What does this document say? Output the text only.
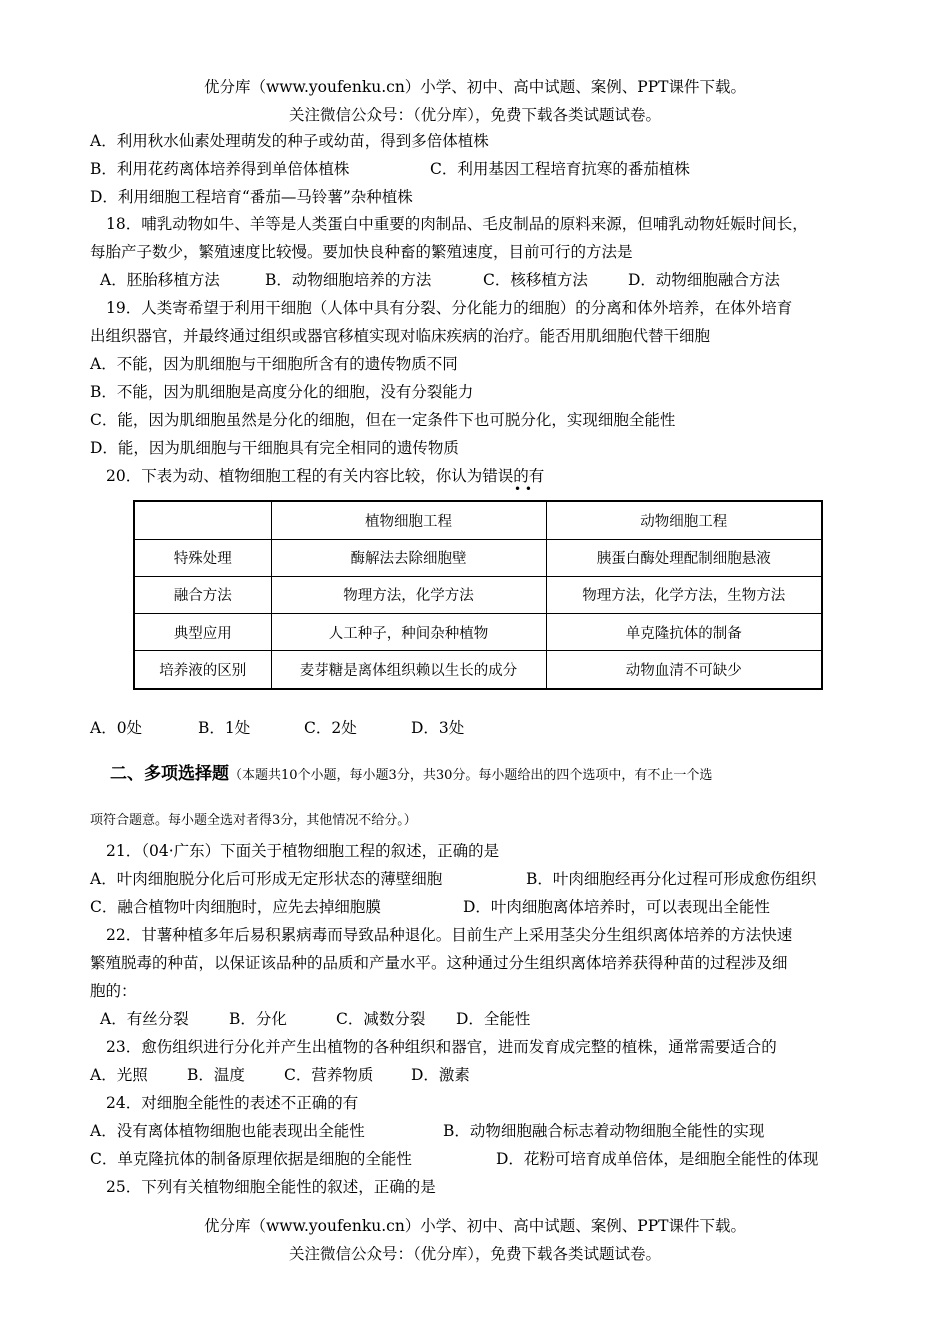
优分库（www.youfenku.cn）小学、初中、高中试题、案例、PPT课件下载。
关注微信公众号：（优分库），免费下载各类试题试卷。
A．利用秋水仙素处理萌发的种子或幼苗，得到多倍体植株
B．利用花药离体培养得到单倍体植株	C．利用基因工程培育抗寒的番茄植株
D．利用细胞工程培育“番茄—马铃薯”杂种植株
18．哺乳动物如牛、羊等是人类蛋白中重要的肉制品、毛皮制品的原料来源，但哺乳动物妊娠时间长，
每胎产子数少，繁殖速度比较慢。要加快良种畜的繁殖速度，目前可行的方法是
A．胚胎移植方法	B．动物细胞培养的方法	C．核移植方法	D．动物细胞融合方法
19．人类寄希望于利用干细胞（人体中具有分裂、分化能力的细胞）的分离和体外培养，在体外培育
出组织器官，并最终通过组织或器官移植实现对临床疾病的治疗。能否用肌细胞代替干细胞
A．不能，因为肌细胞与干细胞所含有的遗传物质不同
B．不能，因为肌细胞是高度分化的细胞，没有分裂能力
C．能，因为肌细胞虽然是分化的细胞，但在一定条件下也可脱分化，实现细胞全能性
D．能，因为肌细胞与干细胞具有完全相同的遗传物质
20．下表为动、植物细胞工程的有关内容比较，你认为错误的有
• •
	植物细胞工程	动物细胞工程
特殊处理	酶解法去除细胞壁	胰蛋白酶处理配制细胞悬液
融合方法	物理方法，化学方法	物理方法，化学方法，生物方法
典型应用	人工种子，种间杂种植物	单克隆抗体的制备
培养液的区别	麦芽糖是离体组织赖以生长的成分	动物血清不可缺少
A．0处	B．1处	C．2处	D．3处
二、多项选择题（本题共10个小题，每小题3分，共30分。每小题给出的四个选项中，有不止一个选
项符合题意。每小题全选对者得3分，其他情况不给分。）
21．（04·广东）下面关于植物细胞工程的叙述，正确的是
A．叶肉细胞脱分化后可形成无定形状态的薄壁细胞	B．叶肉细胞经再分化过程可形成愈伤组织
C．融合植物叶肉细胞时，应先去掉细胞膜	D．叶肉细胞离体培养时，可以表现出全能性
22．甘薯种植多年后易积累病毒而导致品种退化。目前生产上采用茎尖分生组织离体培养的方法快速
繁殖脱毒的种苗，以保证该品种的品质和产量水平。这种通过分生组织离体培养获得种苗的过程涉及细
胞的：
A．有丝分裂	B．分化	C．减数分裂 D．全能性
23．愈伤组织进行分化并产生出植物的各种组织和器官，进而发育成完整的植株，通常需要适合的
A．光照	B．温度	C．营养物质 D．激素
24．对细胞全能性的表述不正确的有
A．没有离体植物细胞也能表现出全能性	B．动物细胞融合标志着动物细胞全能性的实现
C．单克隆抗体的制备原理依据是细胞的全能性	D．花粉可培育成单倍体，是细胞全能性的体现
25．下列有关植物细胞全能性的叙述，正确的是
优分库（www.youfenku.cn）小学、初中、高中试题、案例、PPT课件下载。
关注微信公众号：（优分库），免费下载各类试题试卷。
